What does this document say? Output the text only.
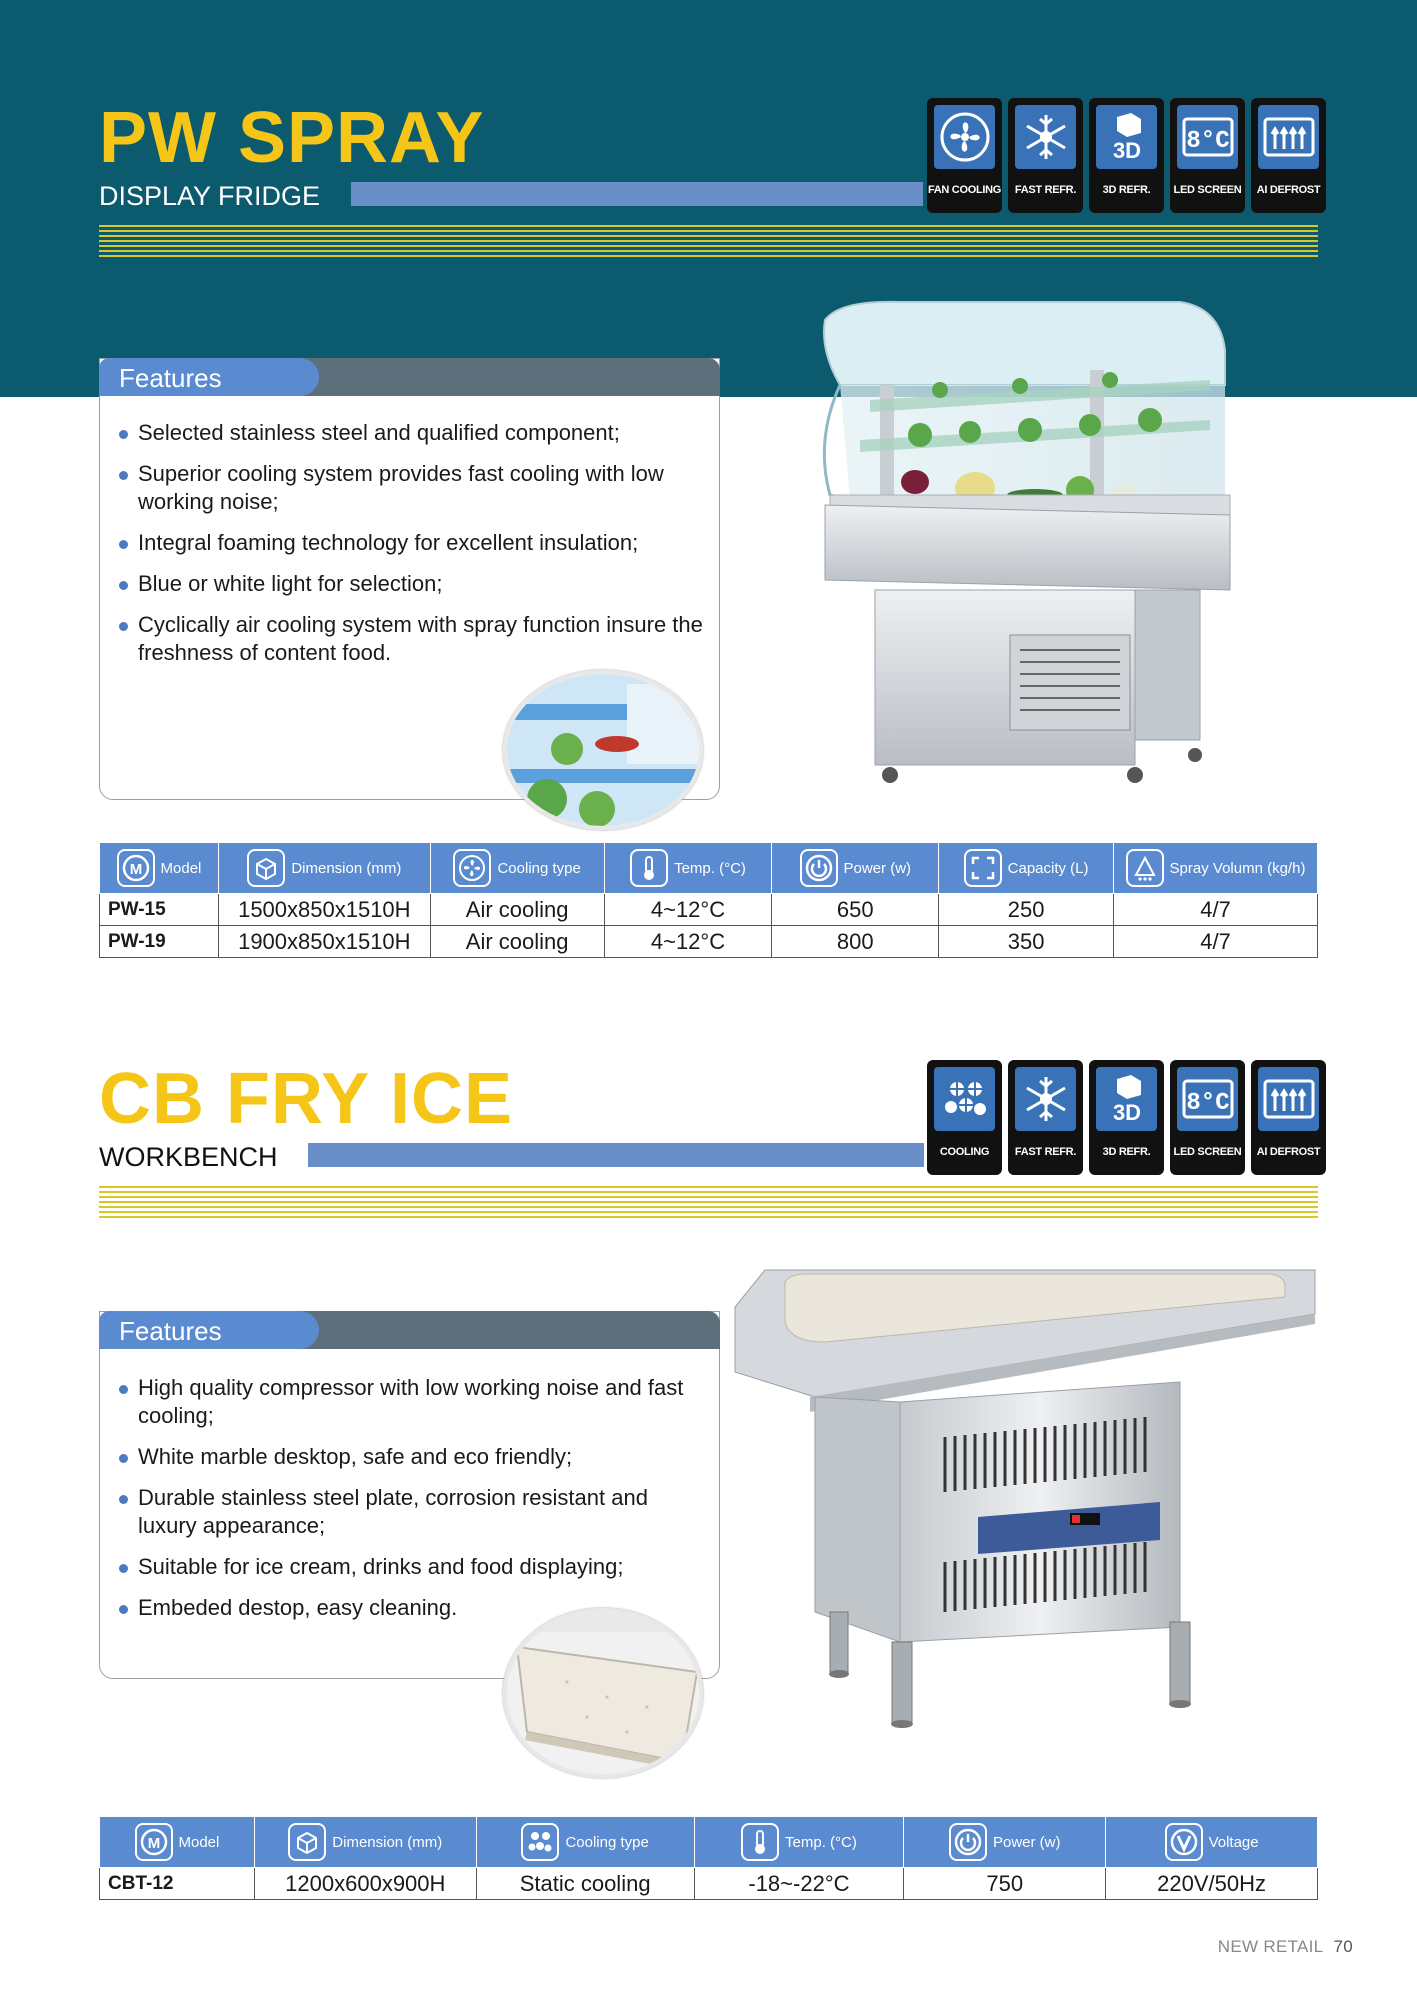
PW SPRAY
DISPLAY FRIDGE	FAN COOLING	FAST REFR.
3D
3D REFR.
8°C
LED SCREEN	AI DEFROST
Features
Selected stainless steel and qualified component;
Superior cooling system provides fast cooling with low working noise;
Integral foaming technology for excellent insulation;
Blue or white light for selection;
Cyclically air cooling system with spray function insure the freshness of content food.
M Model	Dimension (mm)	Cooling type	Temp. (°C)	Power (w)	Capacity (L)	Spray Volumn (kg/h)

PW-15	1500x850x1510H	Air cooling	4~12°C	650	250	4/7
PW-19	1900x850x1510H	Air cooling	4~12°C	800	350	4/7
CB FRY ICE
WORKBENCH	COOLING	FAST REFR.
3D
3D REFR.
8°C
LED SCREEN	AI DEFROST
Features
High quality compressor with low working noise and fast cooling;
White marble desktop, safe and eco friendly;
Durable stainless steel plate, corrosion resistant and luxury appearance;
Suitable for ice cream, drinks and food displaying;
Embeded destop, easy cleaning.
M Model	Dimension (mm)	Cooling type	Temp. (°C)	Power (w)	Voltage

CBT-12	1200x600x900H	Static cooling	-18~-22°C	750	220V/50Hz
NEW RETAIL 70
